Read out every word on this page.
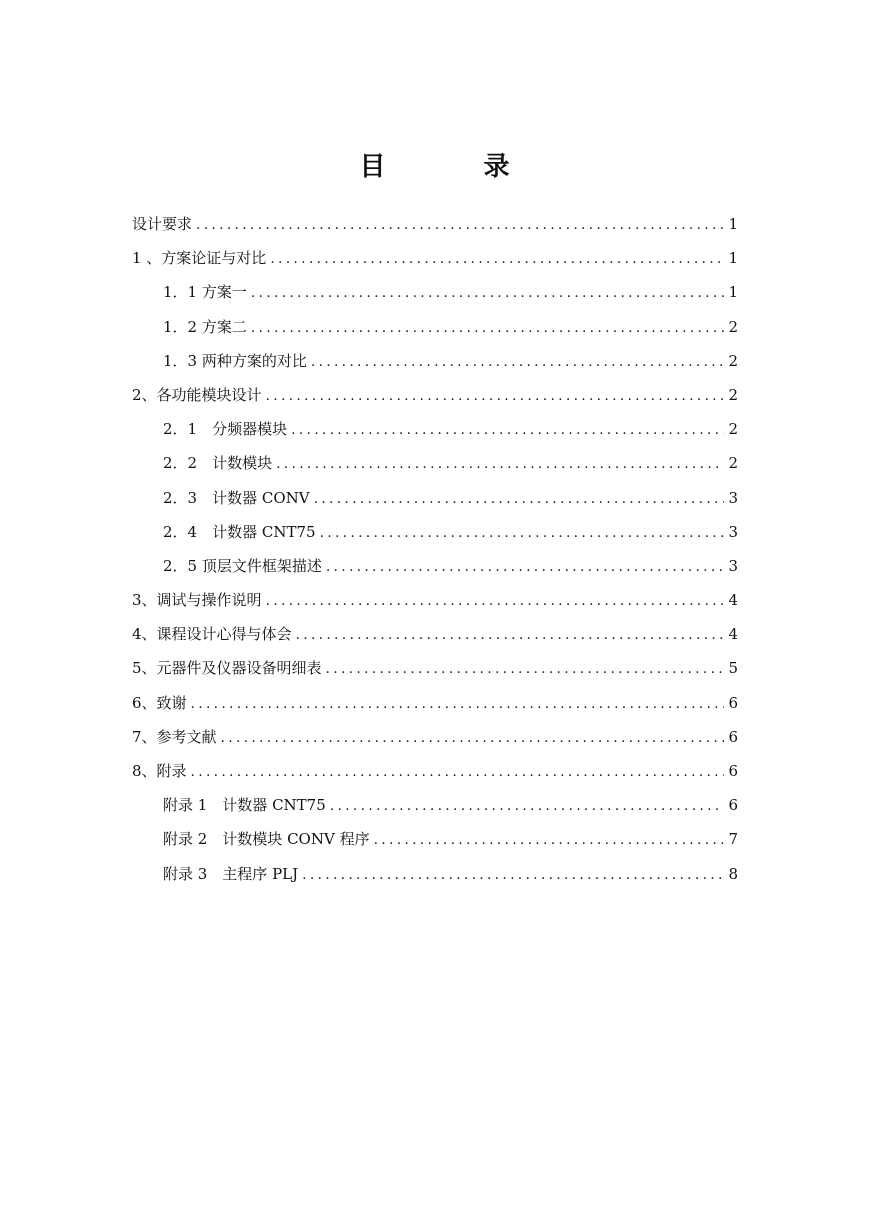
目　录
设计要求 . . .	1
1 、方案论证与对比 . . .	1
1．1 方案一 . . .	1
1．2 方案二 . . .	2
1．3 两种方案的对比 . . .	2
2、各功能模块设计 . . .	2
2．1　分频器模块 . . .	2
2．2　计数模块 . . .	2
2．3　计数器 CONV . . .	3
2．4　计数器 CNT75 . . .	3
2．5 顶层文件框架描述 . . .	3
3、调试与操作说明 . . .	4
4、课程设计心得与体会 . . .	4
5、元器件及仪器设备明细表 . . .	5
6、致谢 . . .	6
7、参考文献 . . .	6
8、附录 . . .	6
附录 1　计数器 CNT75 . . .	6
附录 2　计数模块 CONV 程序 . . .	7
附录 3　主程序 PLJ . . .	8
